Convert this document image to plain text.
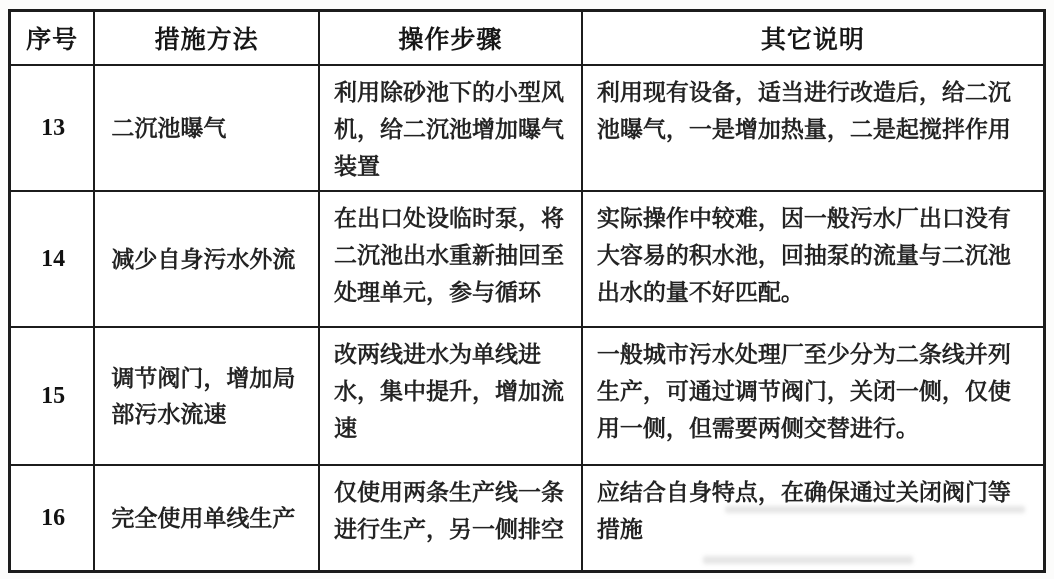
序号	措施方法	操作步骤	其它说明
13	二沉池曝气	利用除砂池下的小型风机，给二沉池增加曝气装置	利用现有设备，适当进行改造后，给二沉池曝气，一是增加热量，二是起搅拌作用
14	减少自身污水外流	在出口处设临时泵，将二沉池出水重新抽回至处理单元，参与循环	实际操作中较难，因一般污水厂出口没有大容易的积水池，回抽泵的流量与二沉池出水的量不好匹配。
15	调节阀门，增加局部污水流速	改两线进水为单线进水，集中提升，增加流速	一般城市污水处理厂至少分为二条线并列生产，可通过调节阀门，关闭一侧，仅使用一侧，但需要两侧交替进行。
16	完全使用单线生产	仅使用两条生产线一条进行生产，另一侧排空	应结合自身特点，在确保通过关闭阀门等措施
